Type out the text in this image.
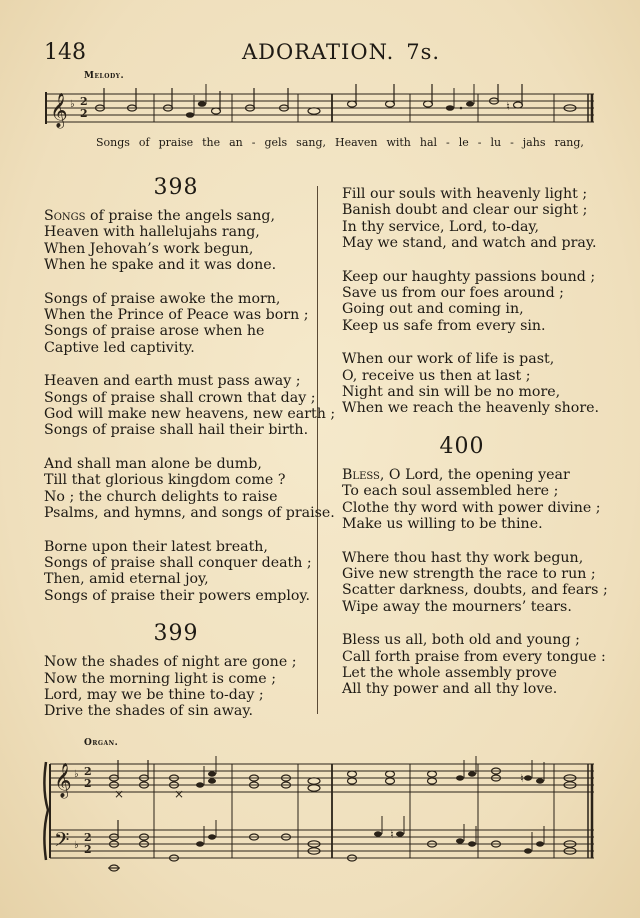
148	ADORATION. 7s.
Melody.
𝄞 ♭ 2
2
♮
Songs of praise the an - gels sang, Heaven with hal - le - lu - jahs rang,
398
Songs of praise the angels sang,
Heaven with hallelujahs rang,
When Jehovah’s work begun,
When he spake and it was done.
Songs of praise awoke the morn,
When the Prince of Peace was born ;
Songs of praise arose when he
Captive led captivity.
Heaven and earth must pass away ;
Songs of praise shall crown that day ;
God will make new heavens, new earth ;
Songs of praise shall hail their birth.
And shall man alone be dumb,
Till that glorious kingdom come ?
No ; the church delights to raise
Psalms, and hymns, and songs of praise.
Borne upon their latest breath,
Songs of praise shall conquer death ;
Then, amid eternal joy,
Songs of praise their powers employ.
399
Now the shades of night are gone ;
Now the morning light is come ;
Lord, may we be thine to-day ;
Drive the shades of sin away.
Fill our souls with heavenly light ;
Banish doubt and clear our sight ;
In thy service, Lord, to-day,
May we stand, and watch and pray.
Keep our haughty passions bound ;
Save us from our foes around ;
Going out and coming in,
Keep us safe from every sin.
When our work of life is past,
O, receive us then at last ;
Night and sin will be no more,
When we reach the heavenly shore.
400
Bless, O Lord, the opening year
To each soul assembled here ;
Clothe thy word with power divine ;
Make us willing to be thine.
Where thou hast thy work begun,
Give new strength the race to run ;
Scatter darkness, doubts, and fears ;
Wipe away the mourners’ tears.
Bless us all, both old and young ;
Call forth praise from every tongue :
Let the whole assembly prove
All thy power and all thy love.
Organ.
𝄞
𝄢
♭
♭
2
2
2
2
♮
♮
×	×
